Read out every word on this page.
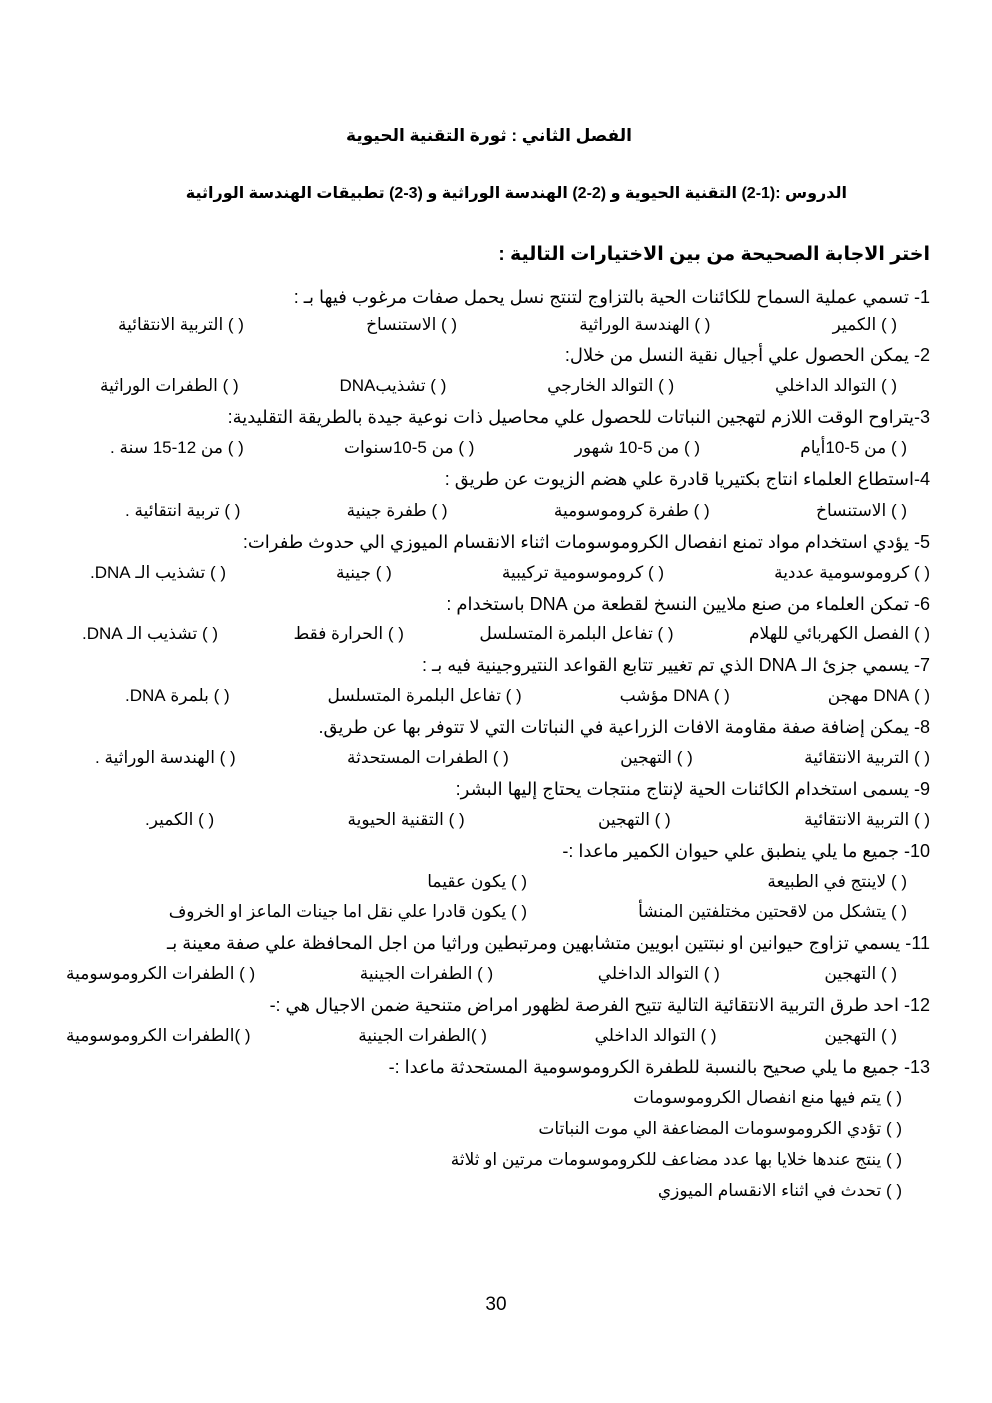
الفصل الثاني : ثورة التقنية الحيوية
الدروس :(1-2) التقنية الحيوية و (2-2) الهندسة الوراثية و (3-2) تطبيقات الهندسة الوراثية
اختر الاجابة الصحيحة من بين الاختيارات التالية :
1- تسمي عملية السماح للكائنات الحية بالتزاوج لتنتج نسل يحمل صفات مرغوب فيها بـ :
( ) الكمير
( ) الهندسة الوراثية
( ) الاستنساخ
( ) التربية الانتقائية
2- يمكن الحصول علي أجيال نقية النسل من خلال:
( ) التوالد الداخلي
( ) التوالد الخارجي
( ) تشذيبDNA
( ) الطفرات الوراثية
3-يتراوح الوقت اللازم لتهجين النباتات للحصول علي محاصيل ذات نوعية جيدة بالطريقة التقليدية:
( ) من 5-10أيام
( ) من 5-10 شهور
( ) من 5-10سنوات
( ) من 12-15 سنة .
4-استطاع العلماء انتاج بكتيريا قادرة علي هضم الزيوت عن طريق :
( ) الاستنساخ
( ) طفرة كروموسومية
( ) طفرة جينية
( ) تربية انتقائية .
5- يؤدي استخدام مواد تمنع انفصال الكروموسومات اثناء الانقسام الميوزي الي حدوث طفرات:
( ) كروموسومية عددية
( ) كروموسومية تركيبية
( ) جينية
( ) تشذيب الـ DNA.
6- تمكن العلماء من صنع ملايين النسخ لقطعة من DNA باستخدام :
( ) الفصل الكهربائي للهلام
( ) تفاعل البلمرة المتسلسل
( ) الحرارة فقط
( ) تشذيب الـ DNA.
7- يسمي جزئ الـ DNA الذي تم تغيير تتابع القواعد النتيروجينية فيه بـ :
( ) DNA مهجن
( ) DNA مؤشب
( ) تفاعل البلمرة المتسلسل
( ) بلمرة DNA.
8- يمكن إضافة صفة مقاومة الافات الزراعية في النباتات التي لا تتوفر بها عن طريق.
( ) التربية الانتقائية
( ) التهجين
( ) الطفرات المستحدثة
( ) الهندسة الوراثية .
9- يسمى استخدام الكائنات الحية لإنتاج منتجات يحتاج إليها البشر:
( ) التربية الانتقائية
( ) التهجين
( ) التقنية الحيوية
( ) الكمير.
10- جميع ما يلي ينطبق علي حيوان الكمير ماعدا :-
( ) لاينتج في الطبيعة
( ) يكون عقيما
( ) يتشكل من لاقحتين مختلفتين المنشأ
( ) يكون قادرا علي نقل اما جينات الماعز او الخروف
11- يسمي تزاوج حيوانين او نبتتين ابويين متشابهين ومرتبطين وراثيا من اجل المحافظة علي صفة معينة بـ
( ) التهجين
( ) التوالد الداخلي
( ) الطفرات الجينية
( ) الطفرات الكروموسومية
12- احد طرق التربية الانتقائية التالية تتيح الفرصة لظهور امراض متنحية ضمن الاجيال هي :-
( ) التهجين
( ) التوالد الداخلي
( )الطفرات الجينية
( )الطفرات الكروموسومية
13- جميع ما يلي صحيح بالنسبة للطفرة الكروموسومية المستحدثة ماعدا :-
( ) يتم فيها منع انفصال الكروموسومات
( ) تؤدي الكروموسومات المضاعفة الي موت النباتات
( ) ينتج عندها خلايا بها عدد مضاعف للكروموسومات مرتين او ثلاثة
( ) تحدث في اثناء الانقسام الميوزي
30
